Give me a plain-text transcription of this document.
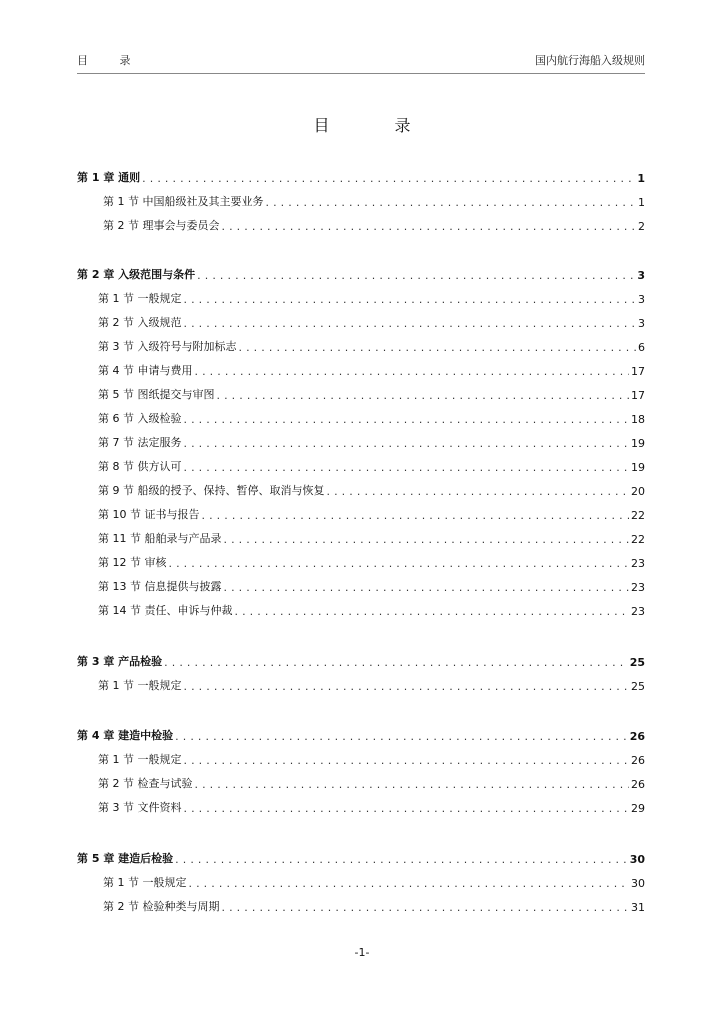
目 录	国内航行海船入级规则
目 录
第 1 章 通则 . . .	1
第 1 节 中国船级社及其主要业务 . . .	1
第 2 节 理事会与委员会 . . .	2
第 2 章 入级范围与条件 . . .	3
第 1 节 一般规定 . . .	3
第 2 节 入级规范 . . .	3
第 3 节 入级符号与附加标志 . . .	6
第 4 节 申请与费用 . . .	17
第 5 节 图纸提交与审图 . . .	17
第 6 节 入级检验 . . .	18
第 7 节 法定服务 . . .	19
第 8 节 供方认可 . . .	19
第 9 节 船级的授予、保持、暂停、取消与恢复 . . .	20
第 10 节 证书与报告 . . .	22
第 11 节 船舶录与产品录 . . .	22
第 12 节 审核 . . .	23
第 13 节 信息提供与披露 . . .	23
第 14 节 责任、申诉与仲裁 . . .	23
第 3 章 产品检验 . . .	25
第 1 节 一般规定 . . .	25
第 4 章 建造中检验 . . .	26
第 1 节 一般规定 . . .	26
第 2 节 检查与试验 . . .	26
第 3 节 文件资料 . . .	29
第 5 章 建造后检验 . . .	30
第 1 节 一般规定 . . .	30
第 2 节 检验种类与周期 . . .	31
-1-
